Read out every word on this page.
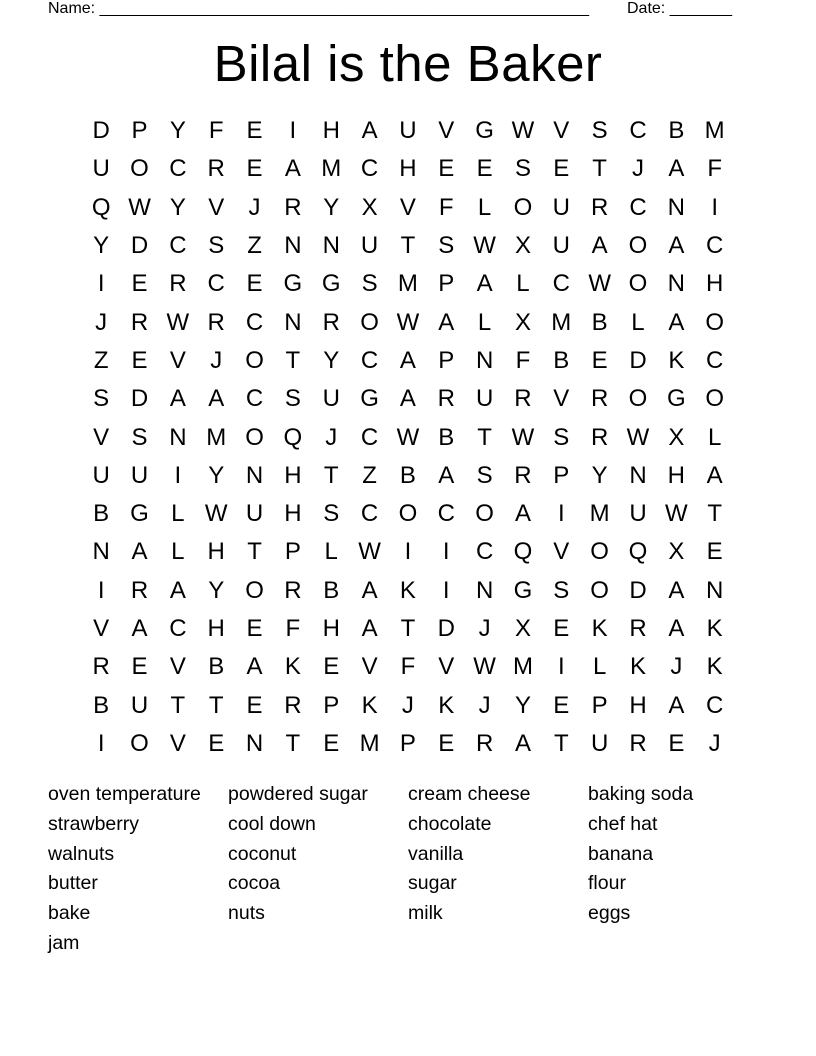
Name: _______________________________________________________ Date: _______
Bilal is the Baker
D P Y F E	I	H A U V G W V S C B M
U O C R E A M C H E E S E T	J	A F
Q W Y V	J R Y X V F	L O U R C N	I
Y D C S Z N N U T S W X U A O A C
I	E R C E G G S M P A L C W O N H
J R W R C N R O W A L X M B L A O
Z E V	J O T Y C A P N F B E D K C
S D A A C S U G A R U R V R O G O
V S N M O Q J C W B T W S R W X L
U U	I	Y N H T Z B A S R P Y N H A
B G L W U H S C O C O A	I	M U W T
N A L H T P L W I	I	C Q V O Q X E
I	R A Y O R B A K	I	N G S O D A N
V A C H E F H A T D J	X E K R A K
R E V B A K E V F V W M	I	L K	J	K
B U T T E R P K	J	K	J	Y E P H A C
I	O V E N T E M P E R A T U R E	J
oven temperature	powdered sugar	cream cheese	baking soda
strawberry	cool down	chocolate	chef hat
walnuts	coconut	vanilla	banana
butter	cocoa	sugar	flour
bake	nuts	milk	eggs
jam
